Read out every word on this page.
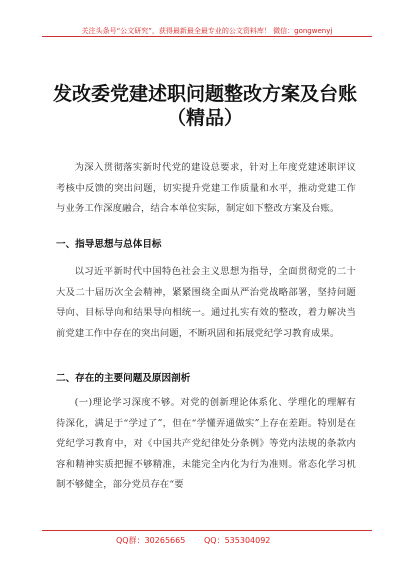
关注头条号“公文研究”，获得最新最全最专业的公文资料库！ 微信：gongwenyj
发改委党建述职问题整改方案及台账
（精品）
为深入贯彻落实新时代党的建设总要求，针对上年度党建述职评议考核中反馈的突出问题，切实提升党建工作质量和水平，推动党建工作与业务工作深度融合，结合本单位实际，制定如下整改方案及台账。
一、指导思想与总体目标
以习近平新时代中国特色社会主义思想为指导，全面贯彻党的二十大及二十届历次全会精神，紧紧围绕全面从严治党战略部署，坚持问题导向、目标导向和结果导向相统一。通过扎实有效的整改，着力解决当前党建工作中存在的突出问题，不断巩固和拓展党纪学习教育成果。
二、存在的主要问题及原因剖析
(一)理论学习深度不够。对党的创新理论体系化、学理化的理解有待深化，满足于“学过了”，但在“学懂弄通做实”上存在差距。特别是在党纪学习教育中，对《中国共产党纪律处分条例》等党内法规的条款内容和精神实质把握不够精准，未能完全内化为行为准则。常态化学习机制不够健全，部分党员存在“要
QQ群：30265665 QQ：535304092
